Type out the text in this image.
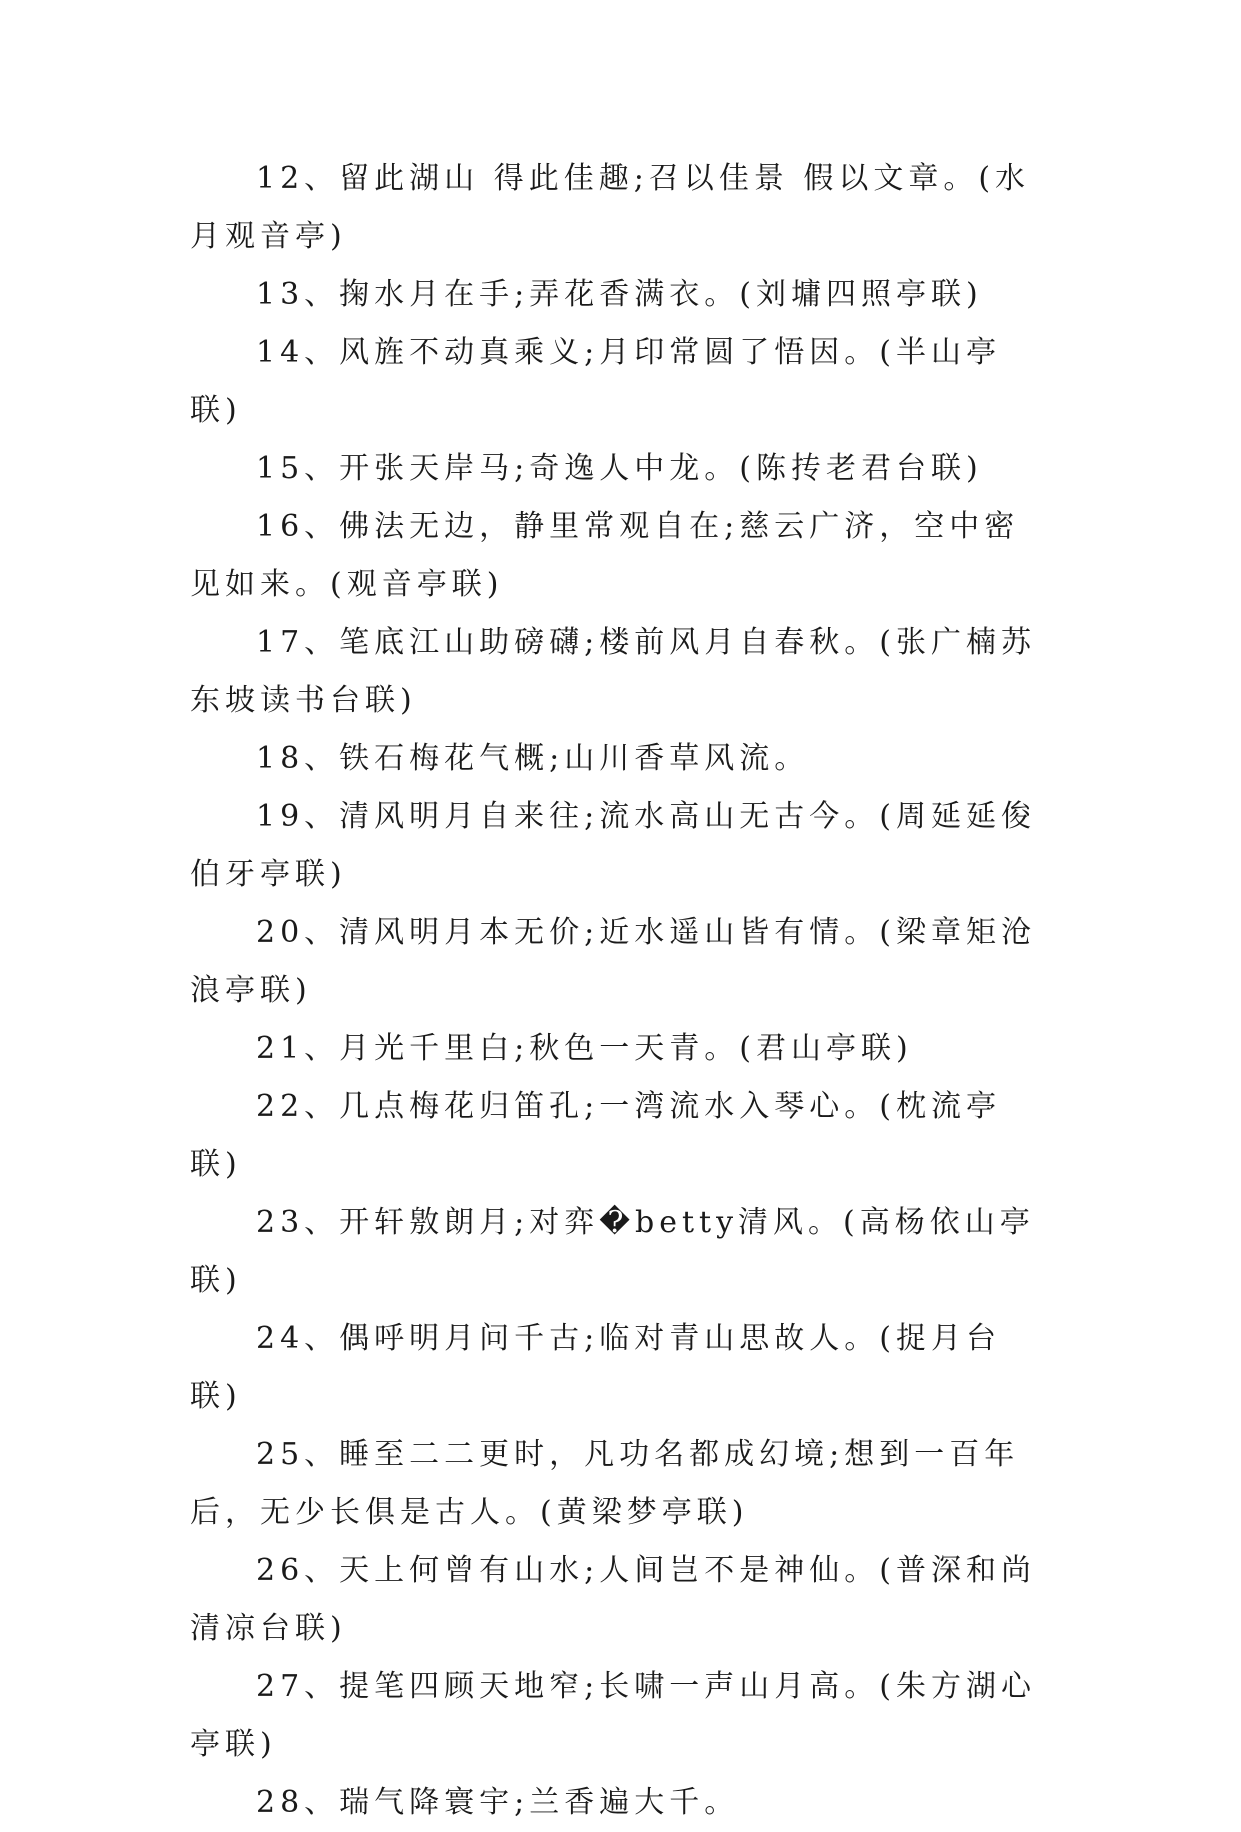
12、留此湖山 得此佳趣;召以佳景 假以文章。(水月观音亭)

13、掬水月在手;弄花香满衣。(刘墉四照亭联)

14、风旌不动真乘义;月印常圆了悟因。(半山亭联)

15、开张天岸马;奇逸人中龙。(陈抟老君台联)

16、佛法无边，静里常观自在;慈云广济，空中密见如来。(观音亭联)

17、笔底江山助磅礴;楼前风月自春秋。(张广楠苏东坡读书台联)

18、铁石梅花气概;山川香草风流。

19、清风明月自来往;流水高山无古今。(周延延俊伯牙亭联)

20、清风明月本无价;近水遥山皆有情。(梁章矩沧浪亭联)

21、月光千里白;秋色一天青。(君山亭联)

22、几点梅花归笛孔;一湾流水入琴心。(枕流亭联)

23、开轩敫朗月;对弈�betty清风。(高杨依山亭联)

24、偶呼明月问千古;临对青山思故人。(捉月台联)

25、睡至二二更时，凡功名都成幻境;想到一百年后，无少长俱是古人。(黄梁梦亭联)

26、天上何曾有山水;人间岂不是神仙。(普深和尚清凉台联)

27、提笔四顾天地窄;长啸一声山月高。(朱方湖心亭联)

28、瑞气降寰宇;兰香遍大千。
